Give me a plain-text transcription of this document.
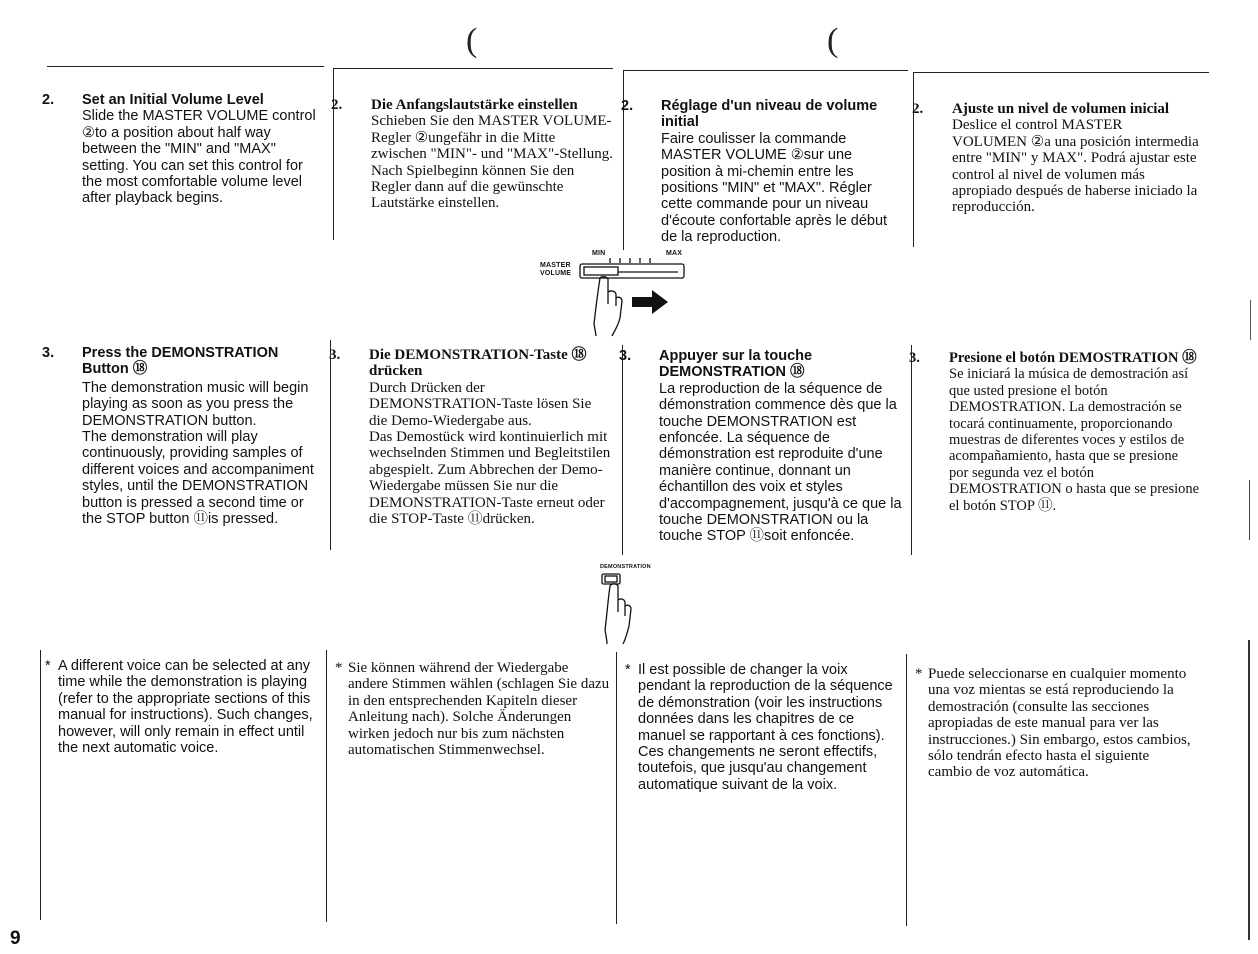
(	(
2. Set an Initial Volume Level

Slide the MASTER VOLUME control ②to a position about half way between the "MIN" and "MAX" setting. You can set this control for the most comfortable volume level after playback begins.

2. Die Anfangslautstärke einstellen

Schieben Sie den MASTER VOLUME-Regler ②ungefähr in die Mitte zwischen "MIN"- und "MAX"-Stellung. Nach Spielbeginn können Sie den Regler dann auf die gewünschte Lautstärke einstellen.

2. Réglage d'un niveau de volume initial

Faire coulisser la commande MASTER VOLUME ②sur une position à mi-chemin entre les positions "MIN" et "MAX". Régler cette commande pour un niveau d'écoute confortable après le début de la reproduction.

2. Ajuste un nivel de volumen inicial

Deslice el control MASTER VOLUMEN ②a una posición intermedia entre "MIN" y MAX". Podrá ajustar este control al nivel de volumen más apropiado después de haberse iniciado la reproducción.

MIN	MAX
MASTER
VOLUME
3. Press the DEMONSTRATION Button ⑱

The demonstration music will begin playing as soon as you press the DEMONSTRATION button.

The demonstration will play continuously, providing samples of different voices and accompaniment styles, until the DEMONSTRATION button is pressed a second time or the STOP button ⑪is pressed.

3. Die DEMONSTRATION-Taste ⑱ drücken

Durch Drücken der DEMONSTRATION-Taste lösen Sie die Demo-Wiedergabe aus.

Das Demostück wird kontinuierlich mit wechselnden Stimmen und Begleitstilen abgespielt. Zum Abbrechen der Demo-Wiedergabe müssen Sie nur die DEMONSTRATION-Taste erneut oder die STOP-Taste ⑪drücken.

3. Appuyer sur la touche DEMONSTRATION ⑱

La reproduction de la séquence de démonstration commence dès que la touche DEMONSTRATION est enfoncée. La séquence de démonstration est reproduite d'une manière continue, donnant un échantillon des voix et styles d'accompagnement, jusqu'à ce que la touche DEMONSTRATION ou la touche STOP ⑪soit enfoncée.

3. Presione el botón DEMOSTRATION ⑱

Se iniciará la música de demostración así que usted presione el botón DEMOSTRATION. La demostración se tocará continuamente, proporcionando muestras de diferentes voces y estilos de acompañamiento, hasta que se presione por segunda vez el botón DEMOSTRATION o hasta que se presione el botón STOP ⑪.

DEMONSTRATION
* A different voice can be selected at any time while the demonstration is playing (refer to the appropriate sections of this manual for instructions). Such changes, however, will only remain in effect until the next automatic voice.
* Sie können während der Wiedergabe andere Stimmen wählen (schlagen Sie dazu in den entsprechenden Kapiteln dieser Anleitung nach). Solche Änderungen wirken jedoch nur bis zum nächsten automatischen Stimmenwechsel.
* Il est possible de changer la voix pendant la reproduction de la séquence de démonstration (voir les instructions données dans les chapitres de ce manuel se rapportant à ces fonctions). Ces changements ne seront effectifs, toutefois, que jusqu'au changement automatique suivant de la voix.
* Puede seleccionarse en cualquier momento una voz mientas se está reproduciendo la demostración (consulte las secciones apropiadas de este manual para ver las instrucciones.) Sin embargo, estos cambios, sólo tendrán efecto hasta el siguiente cambio de voz automática.
9
